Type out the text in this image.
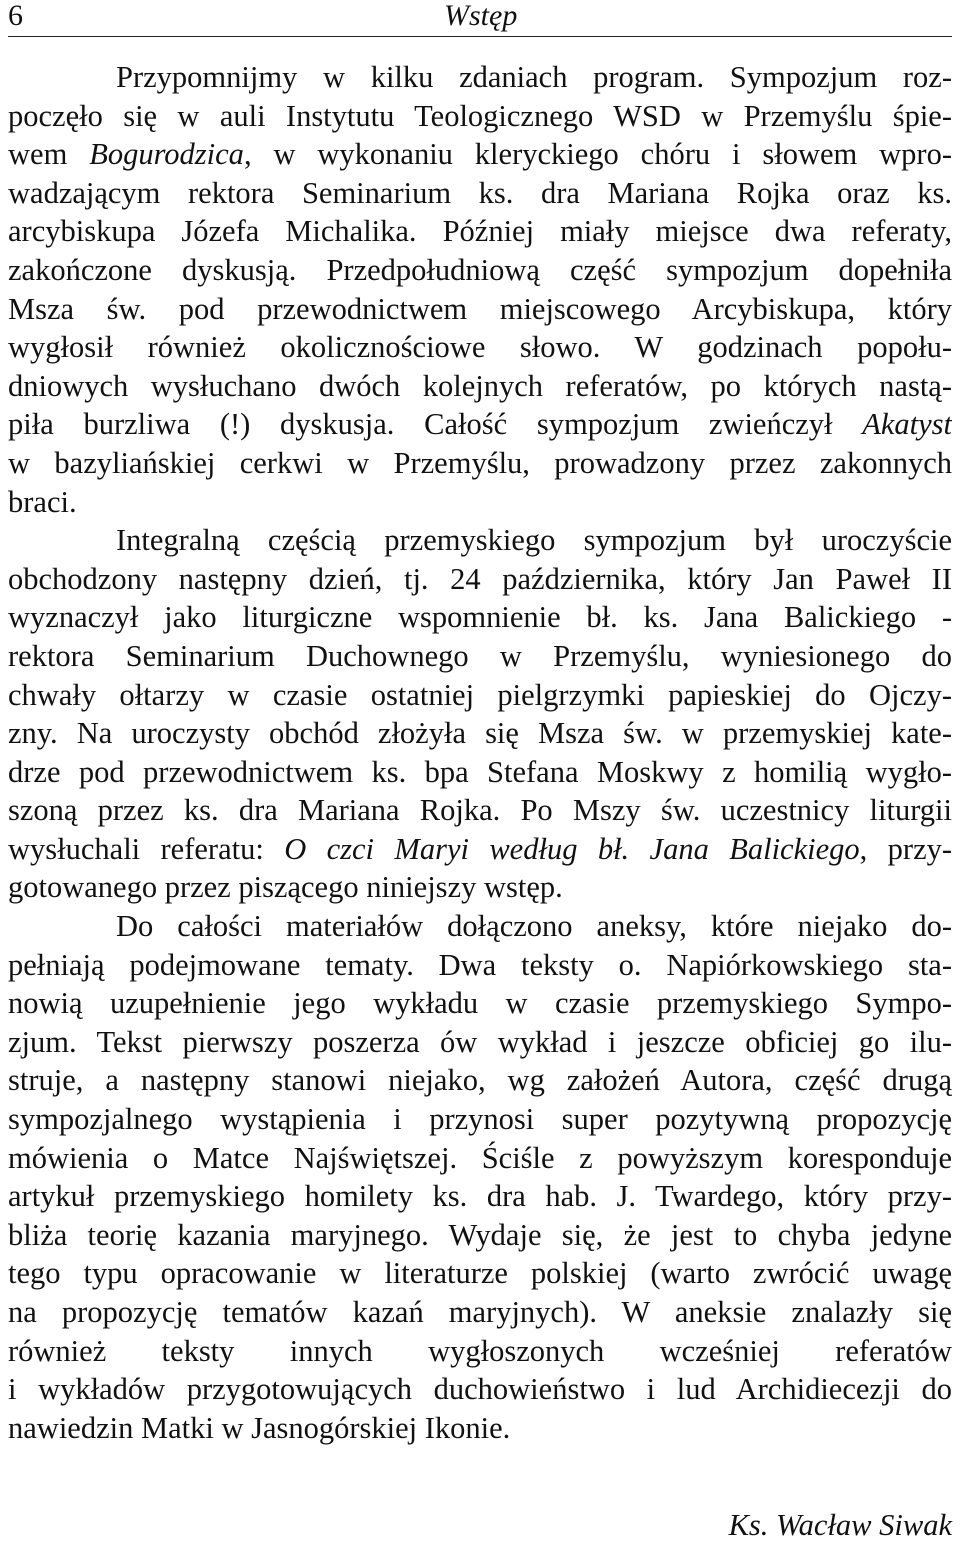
6	Wstęp
Przypomnijmy w kilku zdaniach program. Sympozjum roz-
poczęło się w auli Instytutu Teologicznego WSD w Przemyślu śpie-
wem Bogurodzica, w wykonaniu kleryckiego chóru i słowem wpro-
wadzającym rektora Seminarium ks. dra Mariana Rojka oraz ks.
arcybiskupa Józefa Michalika. Później miały miejsce dwa referaty,
zakończone dyskusją. Przedpołudniową część sympozjum dopełniła
Msza św. pod przewodnictwem miejscowego Arcybiskupa, który
wygłosił również okolicznościowe słowo. W godzinach popołu-
dniowych wysłuchano dwóch kolejnych referatów, po których nastą-
piła burzliwa (!) dyskusja. Całość sympozjum zwieńczył Akatyst
w bazyliańskiej cerkwi w Przemyślu, prowadzony przez zakonnych
braci.
Integralną częścią przemyskiego sympozjum był uroczyście
obchodzony następny dzień, tj. 24 października, który Jan Paweł II
wyznaczył jako liturgiczne wspomnienie bł. ks. Jana Balickiego -
rektora Seminarium Duchownego w Przemyślu, wyniesionego do
chwały ołtarzy w czasie ostatniej pielgrzymki papieskiej do Ojczy-
zny. Na uroczysty obchód złożyła się Msza św. w przemyskiej kate-
drze pod przewodnictwem ks. bpa Stefana Moskwy z homilią wygło-
szoną przez ks. dra Mariana Rojka. Po Mszy św. uczestnicy liturgii
wysłuchali referatu: O czci Maryi według bł. Jana Balickiego, przy-
gotowanego przez piszącego niniejszy wstęp.
Do całości materiałów dołączono aneksy, które niejako do-
pełniają podejmowane tematy. Dwa teksty o. Napiórkowskiego sta-
nowią uzupełnienie jego wykładu w czasie przemyskiego Sympo-
zjum. Tekst pierwszy poszerza ów wykład i jeszcze obficiej go ilu-
struje, a następny stanowi niejako, wg założeń Autora, część drugą
sympozjalnego wystąpienia i przynosi super pozytywną propozycję
mówienia o Matce Najświętszej. Ściśle z powyższym koresponduje
artykuł przemyskiego homilety ks. dra hab. J. Twardego, który przy-
bliża teorię kazania maryjnego. Wydaje się, że jest to chyba jedyne
tego typu opracowanie w literaturze polskiej (warto zwrócić uwagę
na propozycję tematów kazań maryjnych). W aneksie znalazły się
również teksty innych wygłoszonych wcześniej referatów
i wykładów przygotowujących duchowieństwo i lud Archidiecezji do
nawiedzin Matki w Jasnogórskiej Ikonie.
Ks. Wacław Siwak
